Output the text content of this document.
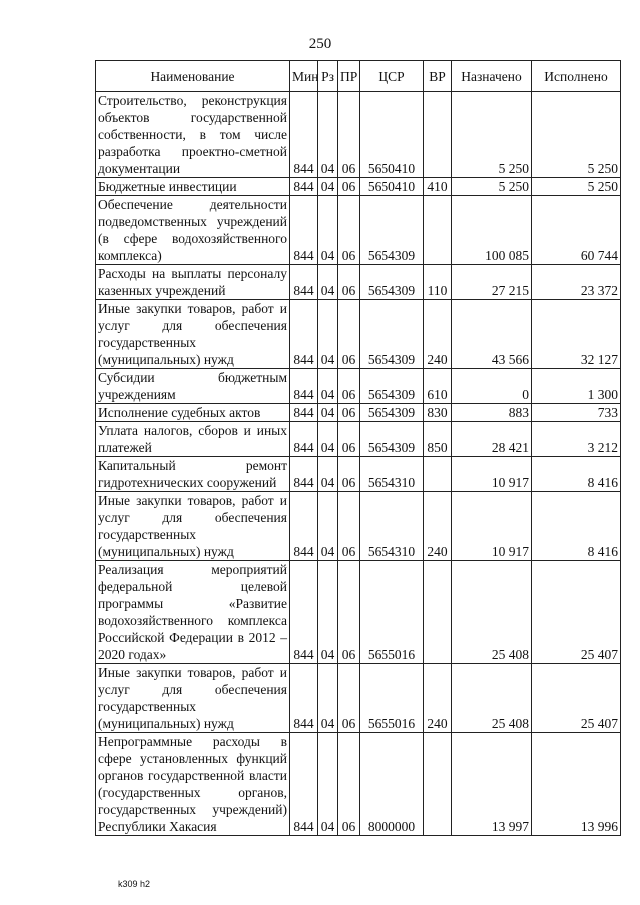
250
Наименование	Мин	Рз	ПР	ЦСР	ВР	Назначено	Исполнено
Строительство, реконструкция объектов государственной собственности, в том числе разработка проектно-сметной документации	844	04	06	5650410		5 250	5 250
Бюджетные инвестиции	844	04	06	5650410	410	5 250	5 250
Обеспечение деятельности подведомственных учреждений (в сфере водохозяйственного комплекса)	844	04	06	5654309		100 085	60 744
Расходы на выплаты персоналу казенных учреждений	844	04	06	5654309	110	27 215	23 372
Иные закупки товаров, работ и услуг для обеспечения государственных (муниципальных) нужд	844	04	06	5654309	240	43 566	32 127
Субсидии бюджетным учреждениям	844	04	06	5654309	610	0	1 300
Исполнение судебных актов	844	04	06	5654309	830	883	733
Уплата налогов, сборов и иных платежей	844	04	06	5654309	850	28 421	3 212
Капитальный ремонт гидротехнических сооружений	844	04	06	5654310		10 917	8 416
Иные закупки товаров, работ и услуг для обеспечения государственных (муниципальных) нужд	844	04	06	5654310	240	10 917	8 416
Реализация мероприятий федеральной целевой программы «Развитие водохозяйственного комплекса Российской Федерации в 2012 – 2020 годах»	844	04	06	5655016		25 408	25 407
Иные закупки товаров, работ и услуг для обеспечения государственных (муниципальных) нужд	844	04	06	5655016	240	25 408	25 407
Непрограммные расходы в сфере установленных функций органов государственной власти (государственных органов, государственных учреждений) Республики Хакасия	844	04	06	8000000		13 997	13 996
k309 h2
